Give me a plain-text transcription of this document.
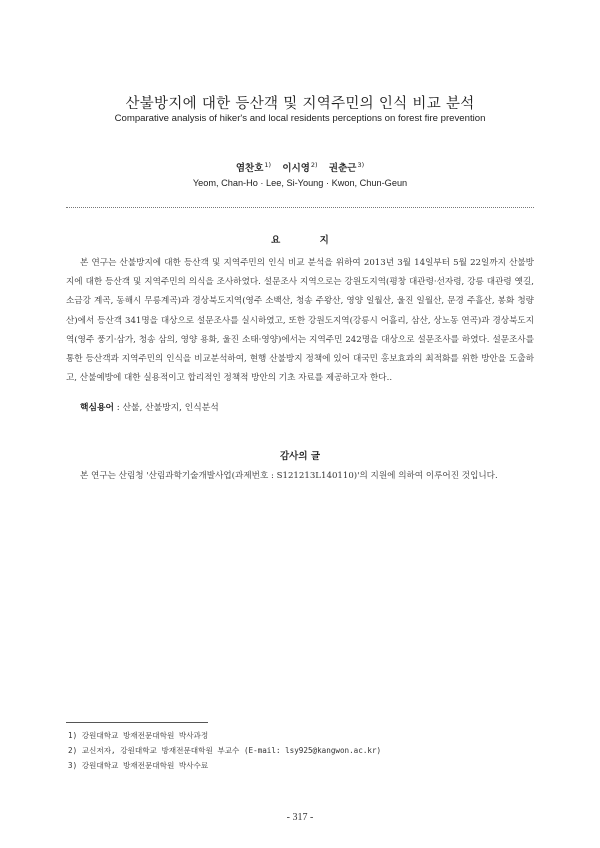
산불방지에 대한 등산객 및 지역주민의 인식 비교 분석
Comparative analysis of hiker's and local residents perceptions on forest fire prevention
염찬호$^{1)}$ 이시영$^{2)}$ 권춘근$^{3)}$
Yeom, Chan-Ho · Lee, Si-Young · Kwon, Chun-Geun
요 지

본 연구는 산불방지에 대한 등산객 및 지역주민의 인식 비교 분석을 위하여 2013년 3월 14일부터 5월 22일까지 산불방지에 대한 등산객 및 지역주민의 의식을 조사하였다. 설문조사 지역으로는 강원도지역(평창 대관령·선자령, 강릉 대관령 옛길, 소금강 계곡, 동해시 무릉계곡)과 경상북도지역(영주 소백산, 청송 주왕산, 영양 일월산, 울진 일월산, 문경 주흘산, 봉화 청량산)에서 등산객 341명을 대상으로 설문조사를 실시하였고, 또한 강원도지역(강릉시 어흘리, 삼산, 상노동 연곡)과 경상북도지역(영주 풍기·삼가, 청송 삼의, 영양 용화, 울진 소태·영양)에서는 지역주민 242명을 대상으로 설문조사를 하였다. 설문조사를 통한 등산객과 지역주민의 인식을 비교분석하여, 현행 산불방지 정책에 있어 대국민 홍보효과의 최적화를 위한 방안을 도출하고, 산불예방에 대한 실용적이고 합리적인 정책적 방안의 기초 자료를 제공하고자 한다..

핵심용어 : 산불, 산불방지, 인식분석
감사의 글

본 연구는 산림청 '산림과학기술개발사업(과제번호 : S121213L140110)'의 지원에 의하여 이루어진 것입니다.

1) 강원대학교 방재전문대학원 박사과정
2) 교신저자, 강원대학교 방재전문대학원 부교수 (E-mail: lsy925@kangwon.ac.kr)
3) 강원대학교 방재전문대학원 박사수료
- 317 -
